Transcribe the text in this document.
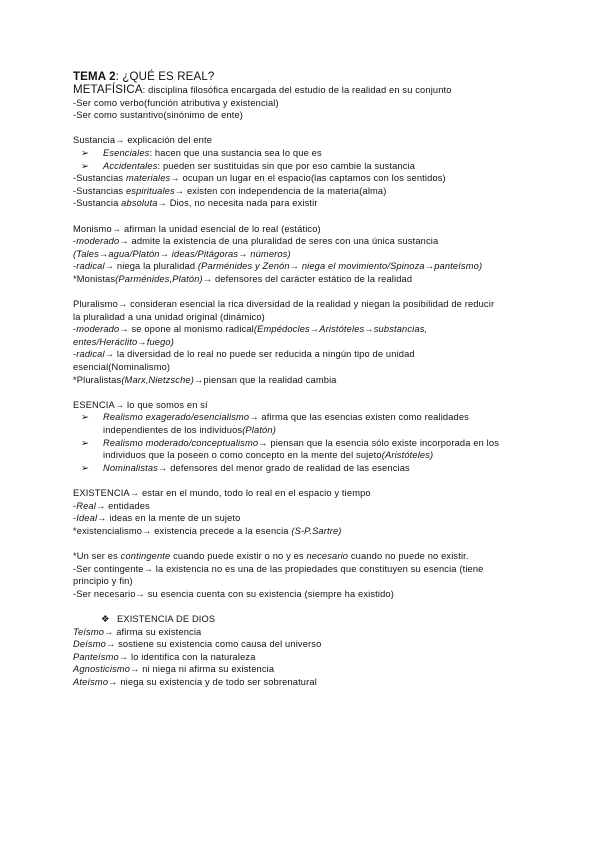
TEMA 2: ¿QUÉ ES REAL?
METAFÍSICA: disciplina filosófica encargada del estudio de la realidad en su conjunto
-Ser como verbo(función atributiva y existencial)
-Ser como sustantivo(sinónimo de ente)
Sustancia→ explicación del ente
➢ Esenciales: hacen que una sustancia sea lo que es
➢ Accidentales: pueden ser sustituidas sin que por eso cambie la sustancia
-Sustancias materiales→ ocupan un lugar en el espacio(las captamos con los sentidos)
-Sustancias espirituales→ existen con independencia de la materia(alma)
-Sustancia absoluta→ Dios, no necesita nada para existir
Monismo→ afirman la unidad esencial de lo real (estático)
-moderado→ admite la existencia de una pluralidad de seres con una única sustancia
(Tales→agua/Platón→ ideas/Pitágoras→ números)
-radical→ niega la pluralidad (Parménides y Zenón→ niega el movimiento/Spinoza→panteísmo)
*Monistas(Parménides,Platón)→ defensores del carácter estático de la realidad
Pluralismo→ consideran esencial la rica diversidad de la realidad y niegan la posibilidad de reducir
la pluralidad a una unidad original (dinámico)
-moderado→ se opone al monismo radical(Empédocles→Aristóteles→substancias,
entes/Heráclito→fuego)
-radical→ la diversidad de lo real no puede ser reducida a ningún tipo de unidad
esencial(Nominalismo)
*Pluralistas(Marx,Nietzsche)→piensan que la realidad cambia
ESENCIA→ lo que somos en sí
➢ Realismo exagerado/esencialismo→ afirma que las esencias existen como realidades
independientes de los individuos(Platón)
➢ Realismo moderado/conceptualismo→ piensan que la esencia sólo existe incorporada en los
individuos que la poseen o como concepto en la mente del sujeto(Aristóteles)
➢ Nominalistas→ defensores del menor grado de realidad de las esencias
EXISTENCIA→ estar en el mundo, todo lo real en el espacio y tiempo
-Real→ entidades
-Ideal→ ideas en la mente de un sujeto
*existencialismo→ existencia precede a la esencia (S-P.Sartre)
*Un ser es contingente cuando puede existir o no y es necesario cuando no puede no existir.
-Ser contingente→ la existencia no es una de las propiedades que constituyen su esencia (tiene
principio y fin)
-Ser necesario→ su esencia cuenta con su existencia (siempre ha existido)
❖ EXISTENCIA DE DIOS
Teísmo→ afirma su existencia
Deísmo→ sostiene su existencia como causa del universo
Panteísmo→ lo identifica con la naturaleza
Agnosticismo→ ni niega ni afirma su existencia
Ateísmo→ niega su existencia y de todo ser sobrenatural
